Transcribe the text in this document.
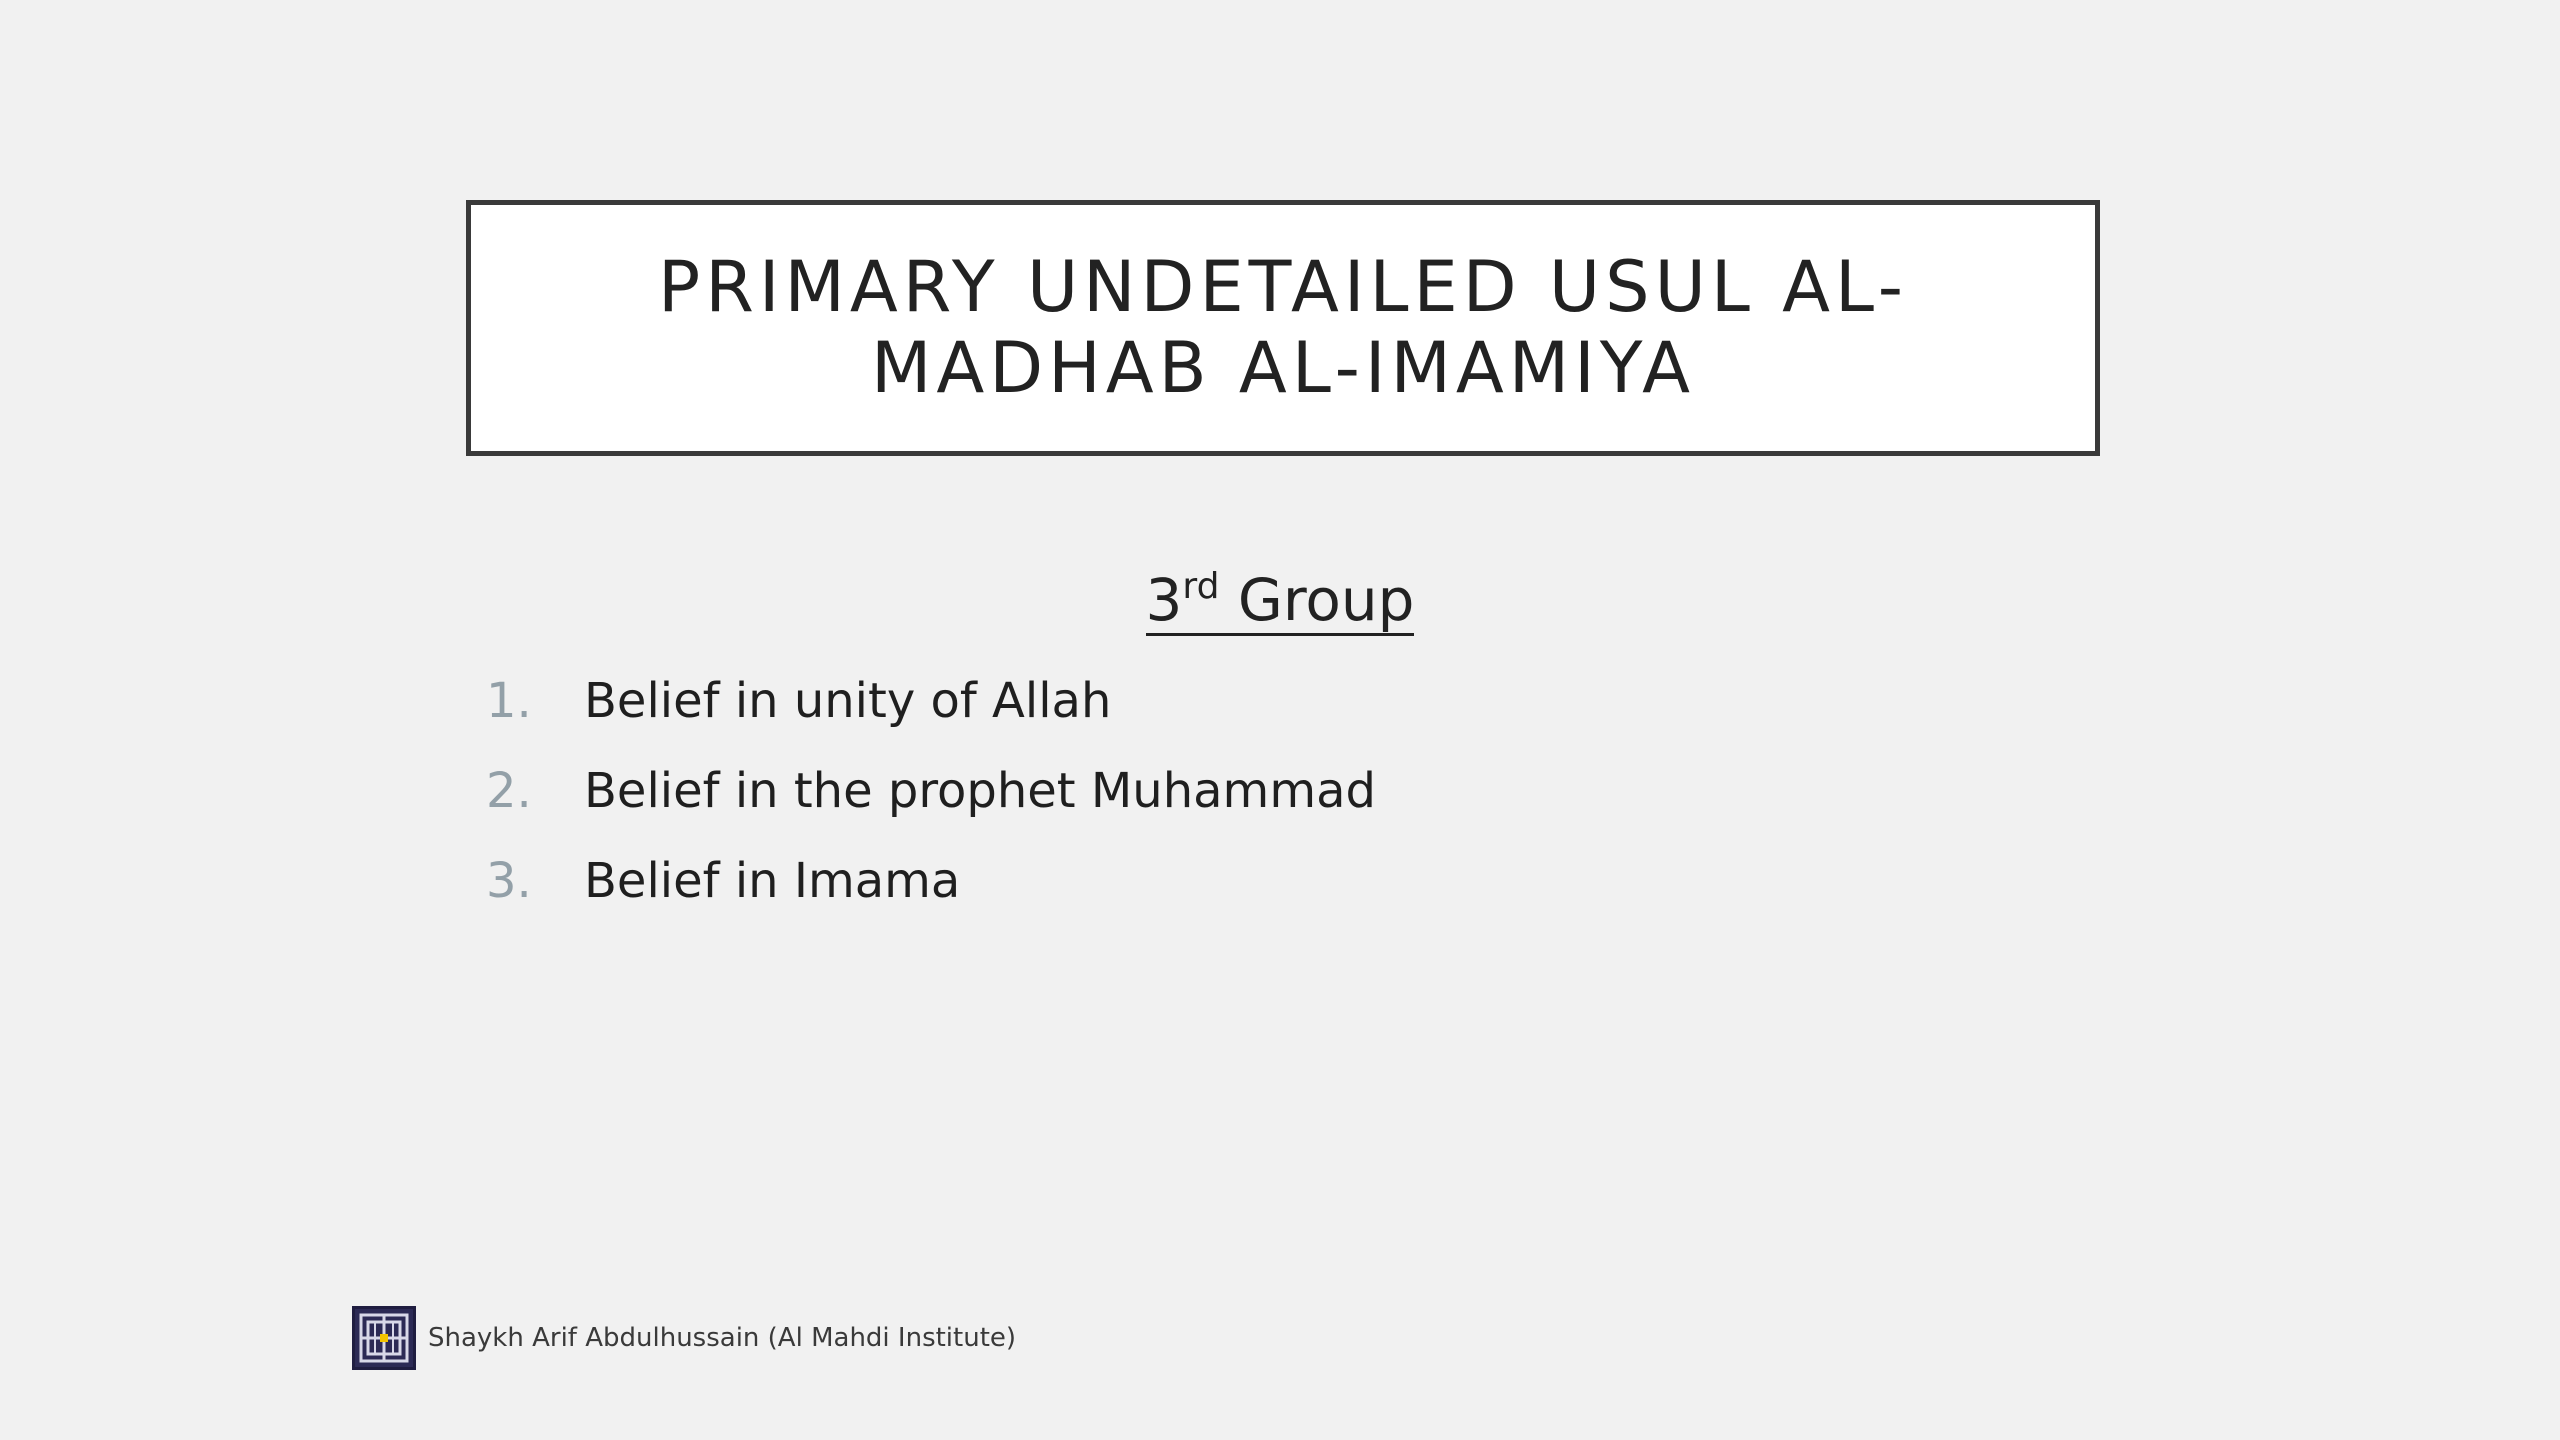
PRIMARY UNDETAILED USUL AL-MADHAB AL-IMAMIYA
3rd Group
1.	Belief in unity of Allah
2.	Belief in the prophet Muhammad
3.	Belief in Imama
Shaykh Arif Abdulhussain (Al Mahdi Institute)
